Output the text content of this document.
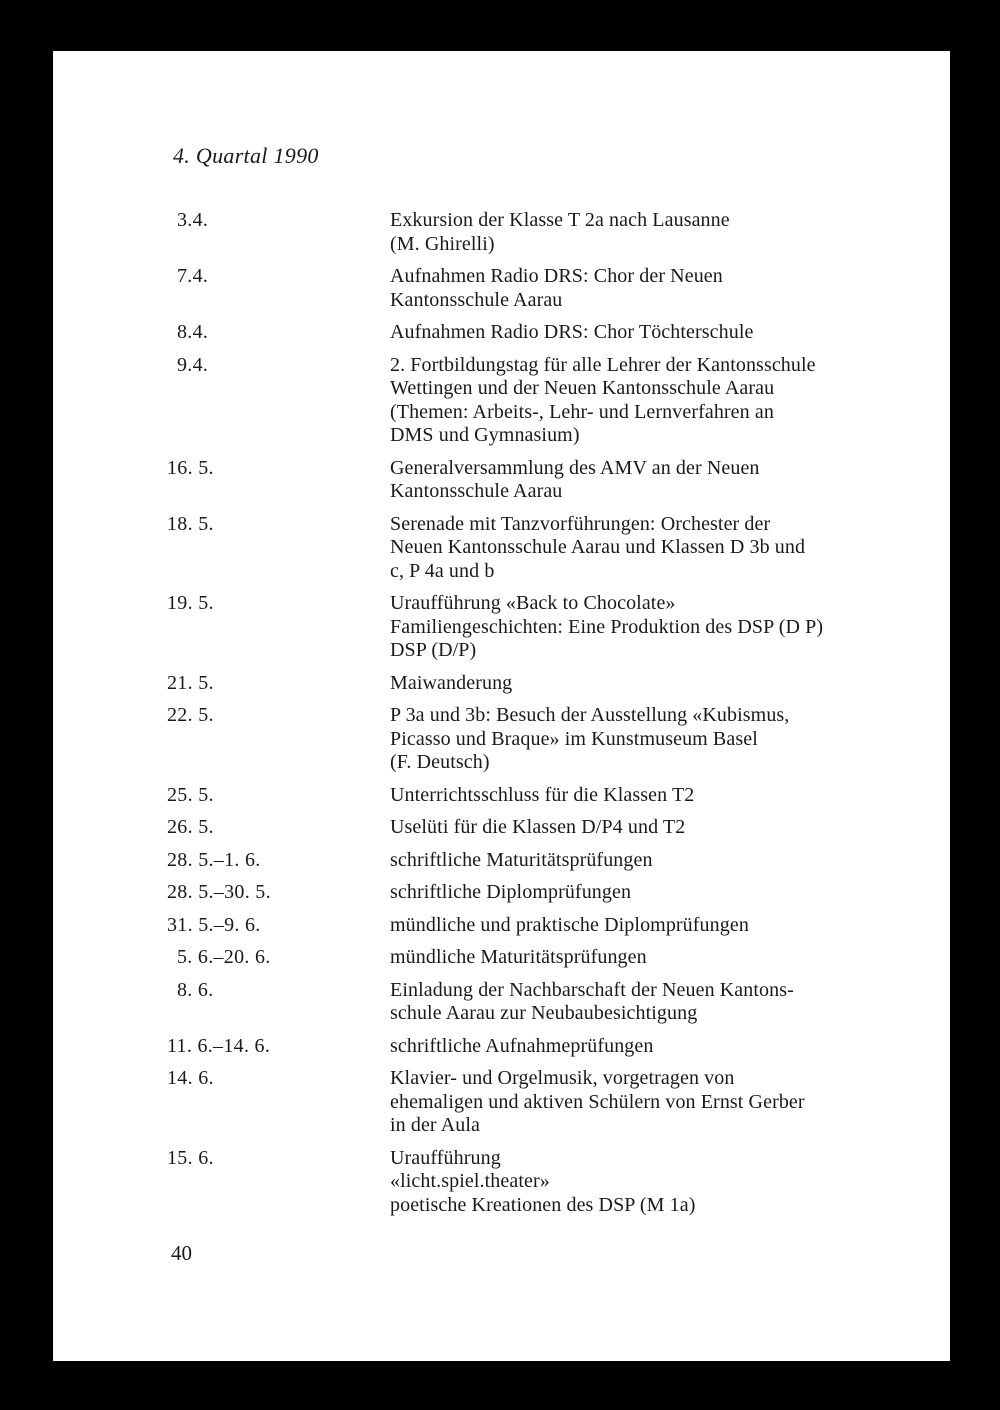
4. Quartal 1990
3.4.	Exkursion der Klasse T 2a nach Lausanne
(M. Ghirelli)
7.4.	Aufnahmen Radio DRS: Chor der Neuen
Kantonsschule Aarau
8.4.	Aufnahmen Radio DRS: Chor Töchterschule
9.4.	2. Fortbildungstag für alle Lehrer der Kantonsschule
Wettingen und der Neuen Kantonsschule Aarau
(Themen: Arbeits-, Lehr- und Lernverfahren an
DMS und Gymnasium)
16. 5.	Generalversammlung des AMV an der Neuen
Kantonsschule Aarau
18. 5.	Serenade mit Tanzvorführungen: Orchester der
Neuen Kantonsschule Aarau und Klassen D 3b und
c, P 4a und b
19. 5.	Uraufführung «Back to Chocolate»
Familiengeschichten: Eine Produktion des DSP (D P)
DSP (D/P)
21. 5.	Maiwanderung
22. 5.	P 3a und 3b: Besuch der Ausstellung «Kubismus,
Picasso und Braque» im Kunstmuseum Basel
(F. Deutsch)
25. 5.	Unterrichtsschluss für die Klassen T2
26. 5.	Uselüti für die Klassen D/P4 und T2
28. 5.–1. 6.	schriftliche Maturitätsprüfungen
28. 5.–30. 5.	schriftliche Diplomprüfungen
31. 5.–9. 6.	mündliche und praktische Diplomprüfungen
5. 6.–20. 6.	mündliche Maturitätsprüfungen
8. 6.	Einladung der Nachbarschaft der Neuen Kantons-
schule Aarau zur Neubaubesichtigung
11. 6.–14. 6.	schriftliche Aufnahmeprüfungen
14. 6.	Klavier- und Orgelmusik, vorgetragen von
ehemaligen und aktiven Schülern von Ernst Gerber
in der Aula
15. 6.	Uraufführung
«licht.spiel.theater»
poetische Kreationen des DSP (M 1a)
40
